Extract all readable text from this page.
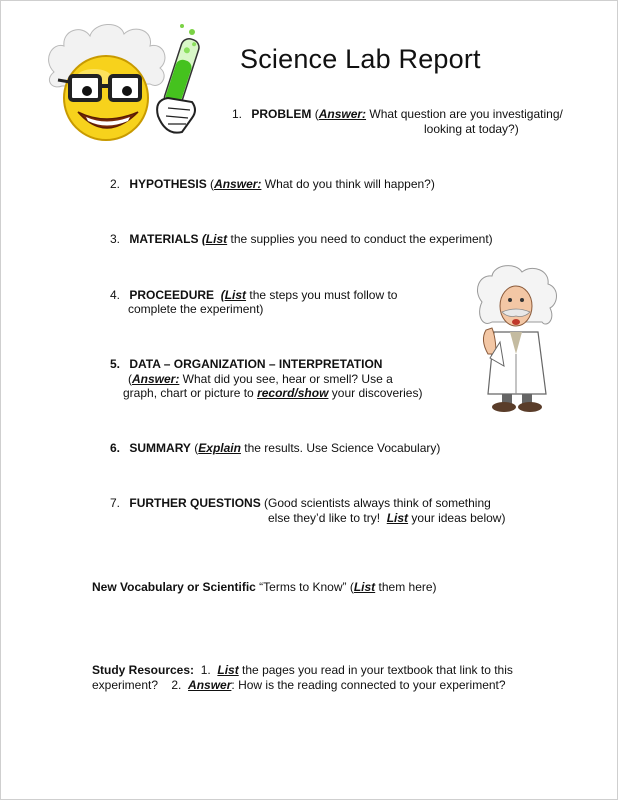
Science Lab Report
1. PROBLEM (Answer: What question are you investigating/
looking at today?)
2. HYPOTHESIS (Answer: What do you think will happen?)
3. MATERIALS (List the supplies you need to conduct the experiment)
4. PROCEEDURE (List the steps you must follow to
complete the experiment)
5. DATA – ORGANIZATION – INTERPRETATION
(Answer: What did you see, hear or smell? Use a
graph, chart or picture to record/show your discoveries)
6. SUMMARY (Explain the results. Use Science Vocabulary)
7. FURTHER QUESTIONS (Good scientists always think of something
else they’d like to try!  List your ideas below)
New Vocabulary or Scientific “Terms to Know” (List them here)
Study Resources:  1.  List the pages you read in your textbook that link to this
experiment?    2.  Answer: How is the reading connected to your experiment?
